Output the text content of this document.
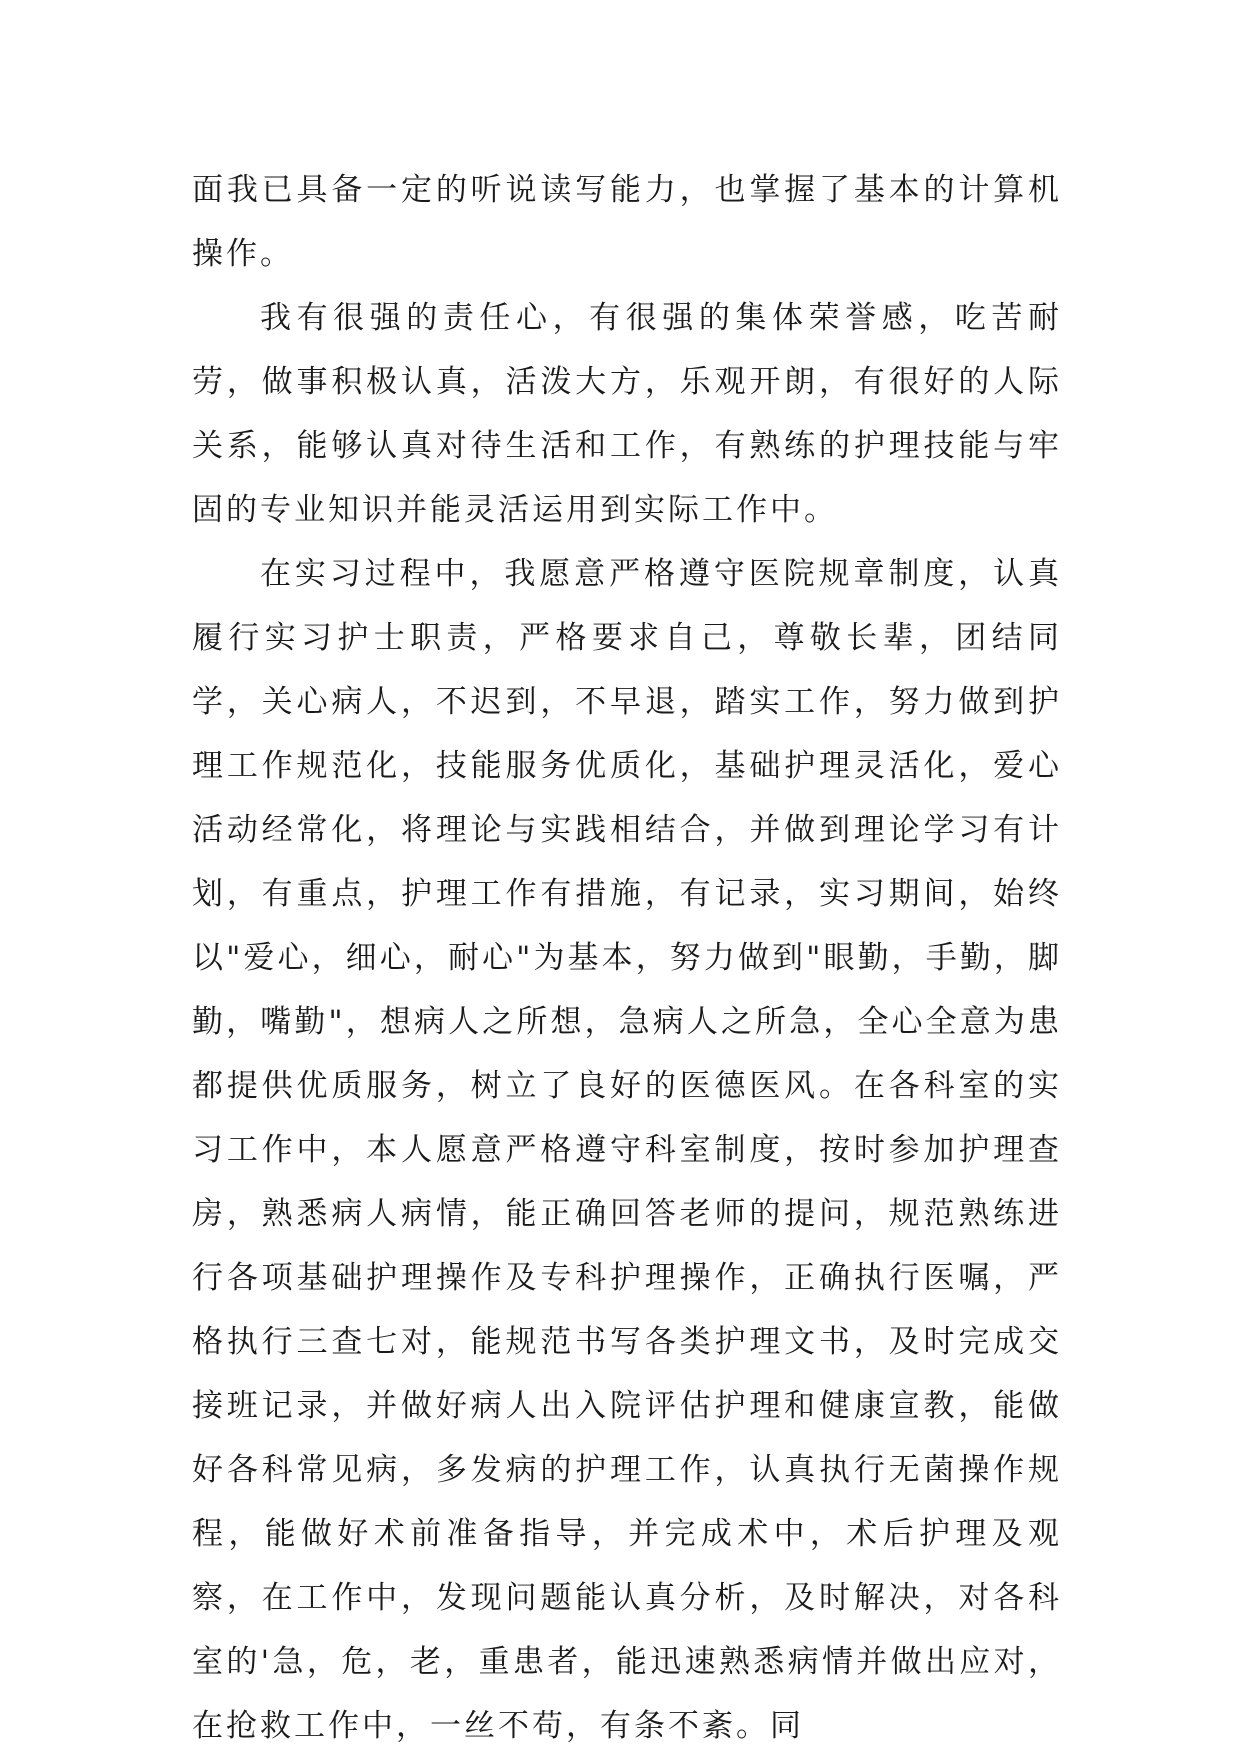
面我已具备一定的听说读写能力，也掌握了基本的计算机操作。

我有很强的责任心，有很强的集体荣誉感，吃苦耐劳，做事积极认真，活泼大方，乐观开朗，有很好的人际关系，能够认真对待生活和工作，有熟练的护理技能与牢固的专业知识并能灵活运用到实际工作中。

在实习过程中，我愿意严格遵守医院规章制度，认真履行实习护士职责，严格要求自己，尊敬长辈，团结同学，关心病人，不迟到，不早退，踏实工作，努力做到护理工作规范化，技能服务优质化，基础护理灵活化，爱心活动经常化，将理论与实践相结合，并做到理论学习有计划，有重点，护理工作有措施，有记录，实习期间，始终以"爱心，细心，耐心"为基本，努力做到"眼勤，手勤，脚勤，嘴勤"，想病人之所想，急病人之所急，全心全意为患都提供优质服务，树立了良好的医德医风。在各科室的实习工作中，本人愿意严格遵守科室制度，按时参加护理查房，熟悉病人病情，能正确回答老师的提问，规范熟练进行各项基础护理操作及专科护理操作，正确执行医嘱，严格执行三查七对，能规范书写各类护理文书，及时完成交接班记录，并做好病人出入院评估护理和健康宣教，能做好各科常见病，多发病的护理工作，认真执行无菌操作规程，能做好术前准备指导，并完成术中，术后护理及观察，在工作中，发现问题能认真分析，及时解决，对各科室的'急，危，老，重患者，能迅速熟悉病情并做出应对，在抢救工作中，一丝不苟，有条不紊。同
